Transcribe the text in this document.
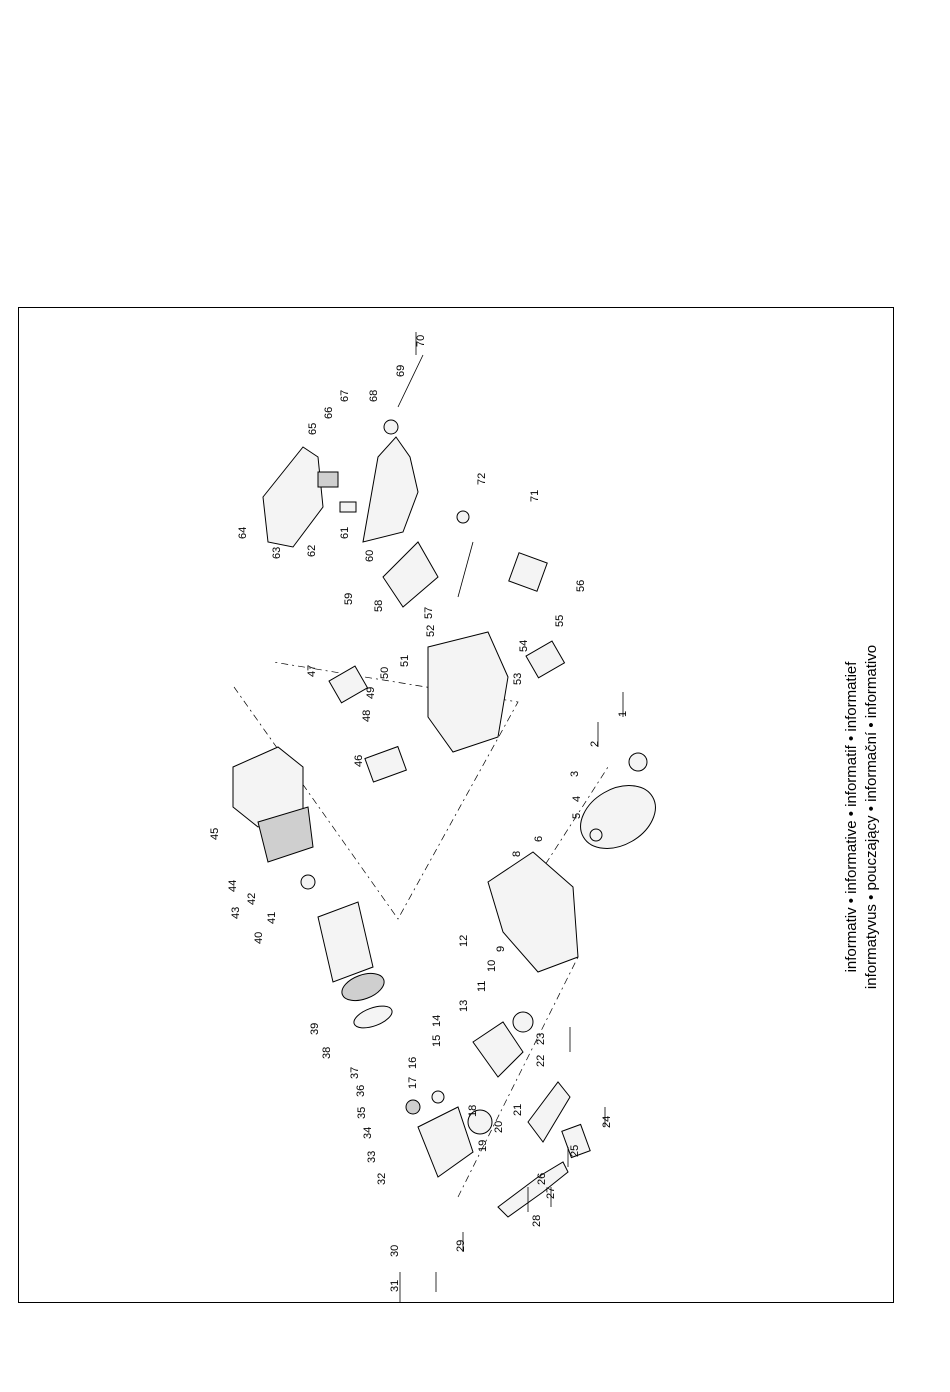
1
2
3
4
5
6
8
9
10
11
12
13
14
15
16
17
18
19
20
21
22
23
24
25
26
27
28
29
30
31
32
33
34
35
36
37
38
39
40
41
42
43
44
45
46
47
48
49
50
51
52
53
54
55
56
57
58
59
60
61
62
63
64
65
66
67 68
69
70
71
72
informativ • informative • informatif • informatief informatyvus • pouczający • informační • informativo
